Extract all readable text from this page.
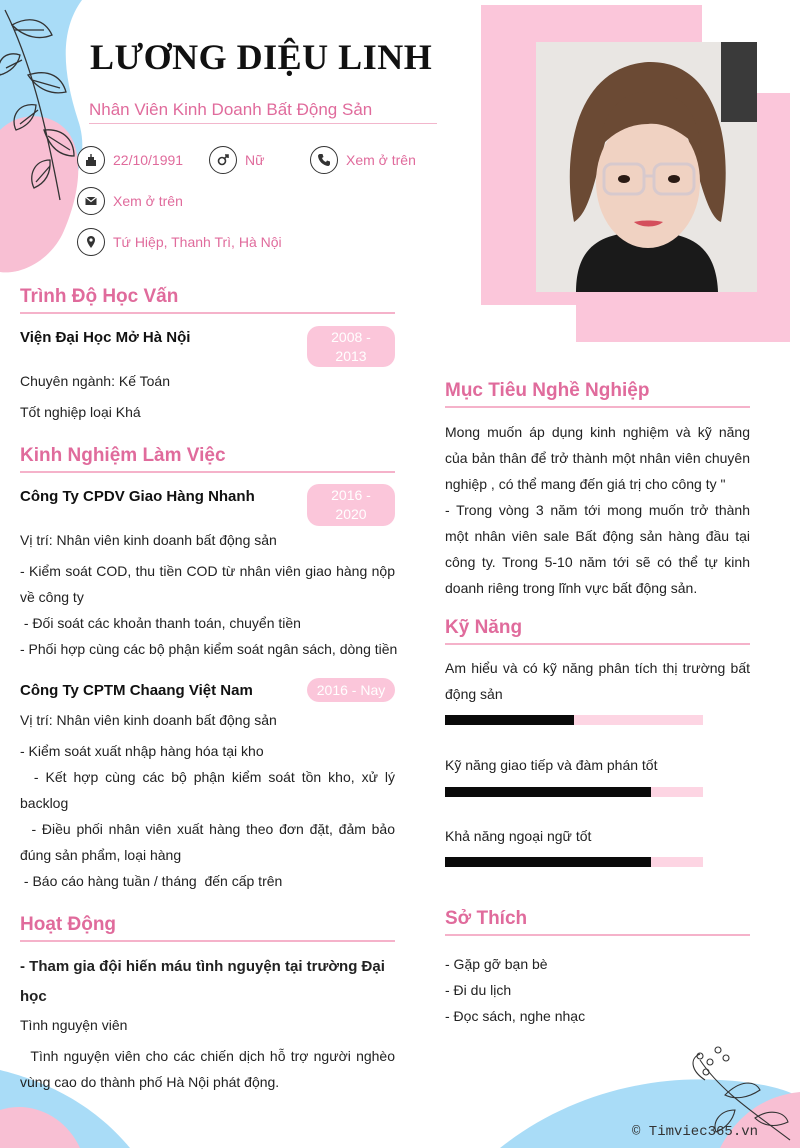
LƯƠNG DIỆU LINH
Nhân Viên Kinh Doanh Bất Động Sản
22/10/1991	Nữ	Xem ở trên
Xem ở trên
Tứ Hiệp, Thanh Trì, Hà Nội
Trình Độ Học Vấn
Viện Đại Học Mở Hà Nội	2008 -
2013
Chuyên ngành: Kế Toán
Tốt nghiệp loại Khá
Kinh Nghiệm Làm Việc
Công Ty CPDV Giao Hàng Nhanh	2016 -
2020
Vị trí: Nhân viên kinh doanh bất động sản
- Kiểm soát COD, thu tiền COD từ nhân viên giao hàng nộp về công ty
- Đối soát các khoản thanh toán, chuyển tiền
- Phối hợp cùng các bộ phận kiểm soát ngân sách, dòng tiền
Công Ty CPTM Chaang Việt Nam	2016 - Nay
Vị trí: Nhân viên kinh doanh bất động sản
- Kiểm soát xuất nhập hàng hóa tại kho
- Kết hợp cùng các bộ phận kiểm soát tồn kho, xử lý backlog
- Điều phối nhân viên xuất hàng theo đơn đặt, đảm bảo đúng sản phẩm, loại hàng
- Báo cáo hàng tuần / tháng  đến cấp trên
Hoạt Động
- Tham gia đội hiến máu tình nguyện tại trường Đại học
Tình nguyện viên
Tình nguyện viên cho các chiến dịch hỗ trợ người nghèo vùng cao do thành phố Hà Nội phát động.
Mục Tiêu Nghề Nghiệp
Mong muốn áp dụng kinh nghiệm và kỹ năng của bản thân để trở thành một nhân viên chuyên nghiệp , có thể mang đến giá trị cho công ty "
- Trong vòng 3 năm tới mong muốn trở thành một nhân viên sale Bất động sản hàng đầu tại công ty. Trong 5-10 năm tới sẽ có thể tự kinh doanh riêng trong lĩnh vực bất động sản.
Kỹ Năng
Am hiểu và có kỹ năng phân tích thị trường bất động sản
Kỹ năng giao tiếp và đàm phán tốt
Khả năng ngoại ngữ tốt
Sở Thích
- Gặp gỡ bạn bè
- Đi du lịch
- Đọc sách, nghe nhạc
© Timviec365.vn
